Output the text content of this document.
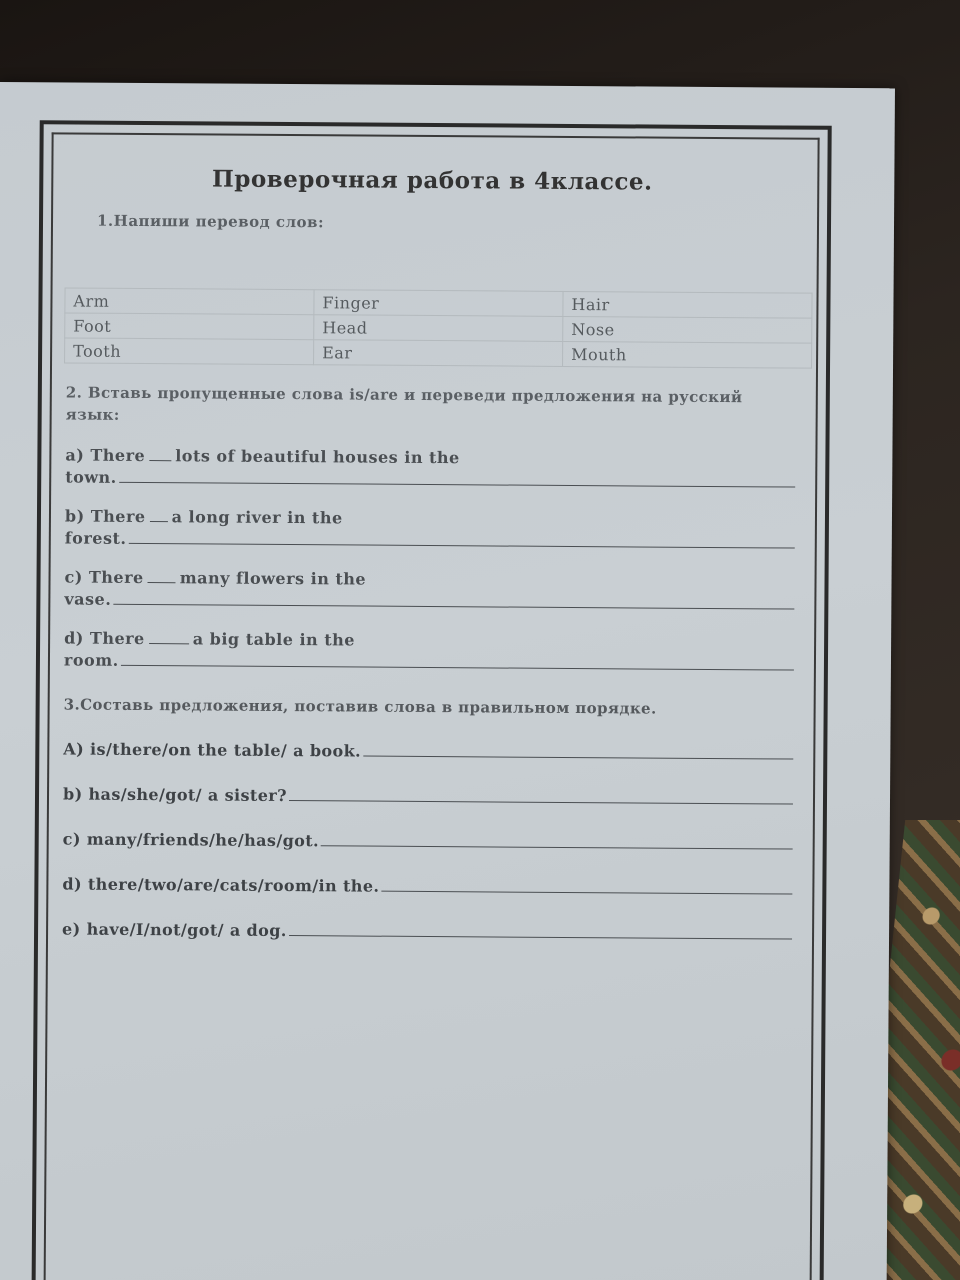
Проверочная работа в 4классе.
1.Напиши перевод слов:
Arm	Finger	Hair
Foot	Head	Nose
Tooth	Ear	Mouth
2. Вставь пропущенные слова is/are и переведи предложения на русский язык:
a) There lots of beautiful houses in the
town.
b) There a long river in the
forest.
c) There many flowers in the
vase.
d) There	a big table in the
room.
3.Составь предложения, поставив слова в правильном порядке.
A) is/there/on the table/ a book.
b) has/she/got/ a sister?
c) many/friends/he/has/got.
d) there/two/are/cats/room/in the.
e) have/I/not/got/ a dog.
